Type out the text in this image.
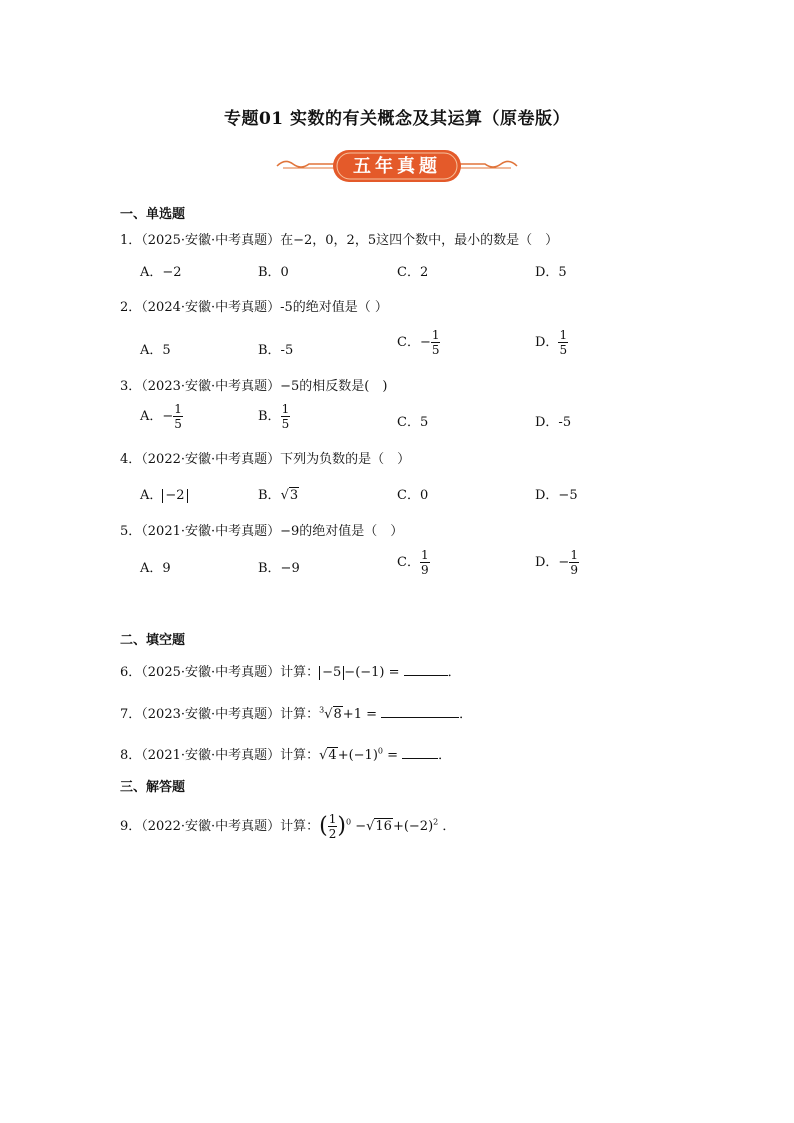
专题01 实数的有关概念及其运算（原卷版）
五年真题
一、单选题
1．（2025·安徽·中考真题）在−2，0，2，5这四个数中，最小的数是（　）
A．−2	B．0	C．2	D．5
2．（2024·安徽·中考真题）-5的绝对值是（ ）
A．5	B．-5
C．− $\frac{1}{5}$	D． $\frac{1}{5}$
3．（2023·安徽·中考真题）−5的相反数是(　)
A．− $\frac{1}{5}$	B． $\frac{1}{5}$	C．5	D．-5
4．（2022·安徽·中考真题）下列为负数的是（　）
A． −2	B．√3	C．0	D．−5
5．（2021·安徽·中考真题）−9的绝对值是（　）
A．9	B．−9	C． $\frac{1}{9}$	D．− $\frac{1}{9}$
二、填空题
6．（2025·安徽·中考真题）计算： −5 −(−1) =	．
7．（2023·安徽·中考真题）计算：$^3$√8+1 =	．
8．（2021·安徽·中考真题）计算：$√4+(-1)^0$ =	．
三、解答题
9．（2022·安徽·中考真题）计算：( $\frac{1}{2} )^0 -√16+(-2)^2$ ．
